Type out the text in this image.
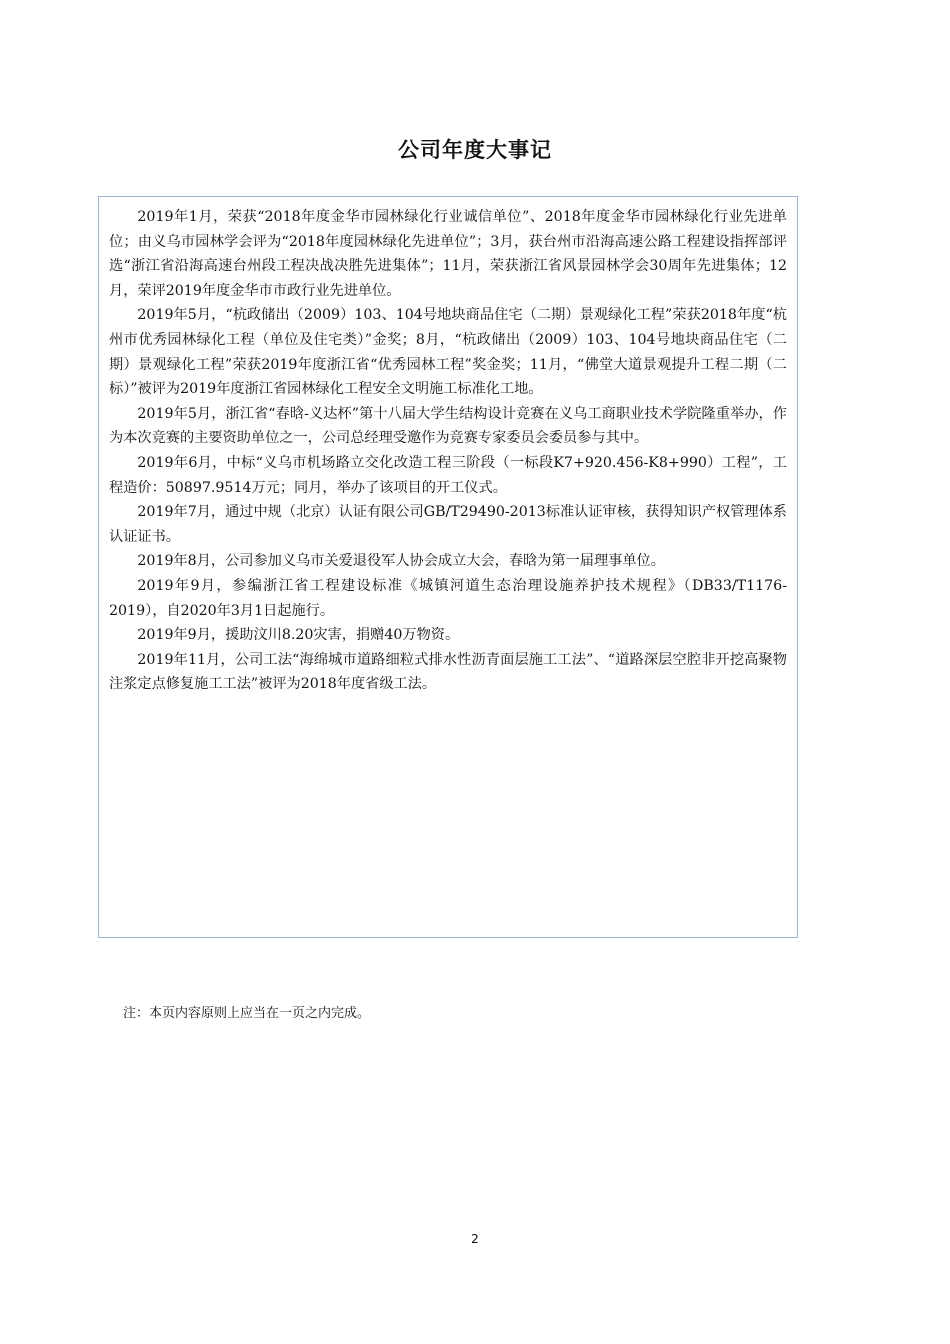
公司年度大事记

2019年1月，荣获“2018年度金华市园林绿化行业诚信单位”、2018年度金华市园林绿化行业先进单位；由义乌市园林学会评为“2018年度园林绿化先进单位”；3月，获台州市沿海高速公路工程建设指挥部评选“浙江省沿海高速台州段工程决战决胜先进集体”；11月，荣获浙江省风景园林学会30周年先进集体；12月，荣评2019年度金华市市政行业先进单位。

2019年5月，“杭政储出（2009）103、104号地块商品住宅（二期）景观绿化工程”荣获2018年度“杭州市优秀园林绿化工程（单位及住宅类）”金奖；8月，“杭政储出（2009）103、104号地块商品住宅（二期）景观绿化工程”荣获2019年度浙江省“优秀园林工程”奖金奖；11月，“佛堂大道景观提升工程二期（二标）”被评为2019年度浙江省园林绿化工程安全文明施工标准化工地。

2019年5月，浙江省“春晗-义达杯”第十八届大学生结构设计竞赛在义乌工商职业技术学院隆重举办，作为本次竞赛的主要资助单位之一，公司总经理受邀作为竞赛专家委员会委员参与其中。

2019年6月，中标“义乌市机场路立交化改造工程三阶段（一标段K7+920.456-K8+990）工程”，工程造价：50897.9514万元；同月，举办了该项目的开工仪式。

2019年7月，通过中规（北京）认证有限公司GB/T29490-2013标准认证审核，获得知识产权管理体系认证证书。

2019年8月，公司参加义乌市关爱退役军人协会成立大会，春晗为第一届理事单位。

2019年9月，参编浙江省工程建设标准《城镇河道生态治理设施养护技术规程》（DB33/T1176-2019），自2020年3月1日起施行。

2019年9月，援助汶川8.20灾害，捐赠40万物资。

2019年11月，公司工法“海绵城市道路细粒式排水性沥青面层施工工法”、“道路深层空腔非开挖高聚物注浆定点修复施工工法”被评为2018年度省级工法。

注：本页内容原则上应当在一页之内完成。

2
